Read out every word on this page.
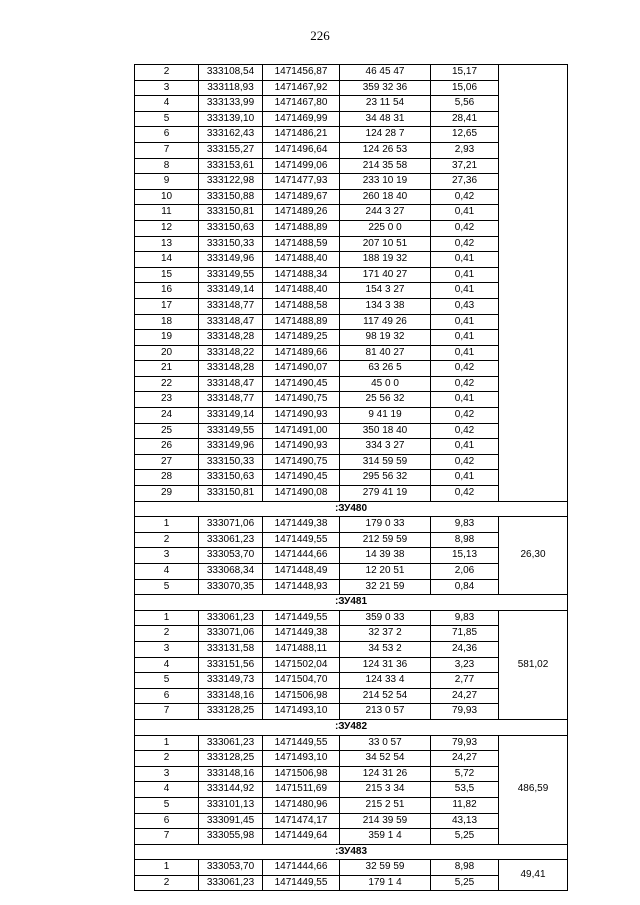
226
2	333108,54	1471456,87	46 45 47	15,17	
3	333118,93	1471467,92	359 32 36	15,06	
4	333133,99	1471467,80	23 11 54	5,56	
5	333139,10	1471469,99	34 48 31	28,41	
6	333162,43	1471486,21	124 28 7	12,65	
7	333155,27	1471496,64	124 26 53	2,93	
8	333153,61	1471499,06	214 35 58	37,21	
9	333122,98	1471477,93	233 10 19	27,36	
10	333150,88	1471489,67	260 18 40	0,42	
11	333150,81	1471489,26	244 3 27	0,41	
12	333150,63	1471488,89	225 0 0	0,42	
13	333150,33	1471488,59	207 10 51	0,42	
14	333149,96	1471488,40	188 19 32	0,41	
15	333149,55	1471488,34	171 40 27	0,41	
16	333149,14	1471488,40	154 3 27	0,41	
17	333148,77	1471488,58	134 3 38	0,43	
18	333148,47	1471488,89	117 49 26	0,41	
19	333148,28	1471489,25	98 19 32	0,41	
20	333148,22	1471489,66	81 40 27	0,41	
21	333148,28	1471490,07	63 26 5	0,42	
22	333148,47	1471490,45	45 0 0	0,42	
23	333148,77	1471490,75	25 56 32	0,41	
24	333149,14	1471490,93	9 41 19	0,42	
25	333149,55	1471491,00	350 18 40	0,42	
26	333149,96	1471490,93	334 3 27	0,41	
27	333150,33	1471490,75	314 59 59	0,42	
28	333150,63	1471490,45	295 56 32	0,41	
29	333150,81	1471490,08	279 41 19	0,42	
:ЗУ480					
1	333071,06	1471449,38	179 0 33	9,83	26,30
2	333061,23	1471449,55	212 59 59	8,98	
3	333053,70	1471444,66	14 39 38	15,13	
4	333068,34	1471448,49	12 20 51	2,06	
5	333070,35	1471448,93	32 21 59	0,84	
:ЗУ481					
1	333061,23	1471449,55	359 0 33	9,83	581,02
2	333071,06	1471449,38	32 37 2	71,85	
3	333131,58	1471488,11	34 53 2	24,36	
4	333151,56	1471502,04	124 31 36	3,23	
5	333149,73	1471504,70	124 33 4	2,77	
6	333148,16	1471506,98	214 52 54	24,27	
7	333128,25	1471493,10	213 0 57	79,93	
:ЗУ482					
1	333061,23	1471449,55	33 0 57	79,93	486,59
2	333128,25	1471493,10	34 52 54	24,27	
3	333148,16	1471506,98	124 31 26	5,72	
4	333144,92	1471511,69	215 3 34	53,5	
5	333101,13	1471480,96	215 2 51	11,82	
6	333091,45	1471474,17	214 39 59	43,13	
7	333055,98	1471449,64	359 1 4	5,25	
:ЗУ483					
1	333053,70	1471444,66	32 59 59	8,98	49,41
2	333061,23	1471449,55	179 1 4	5,25	
